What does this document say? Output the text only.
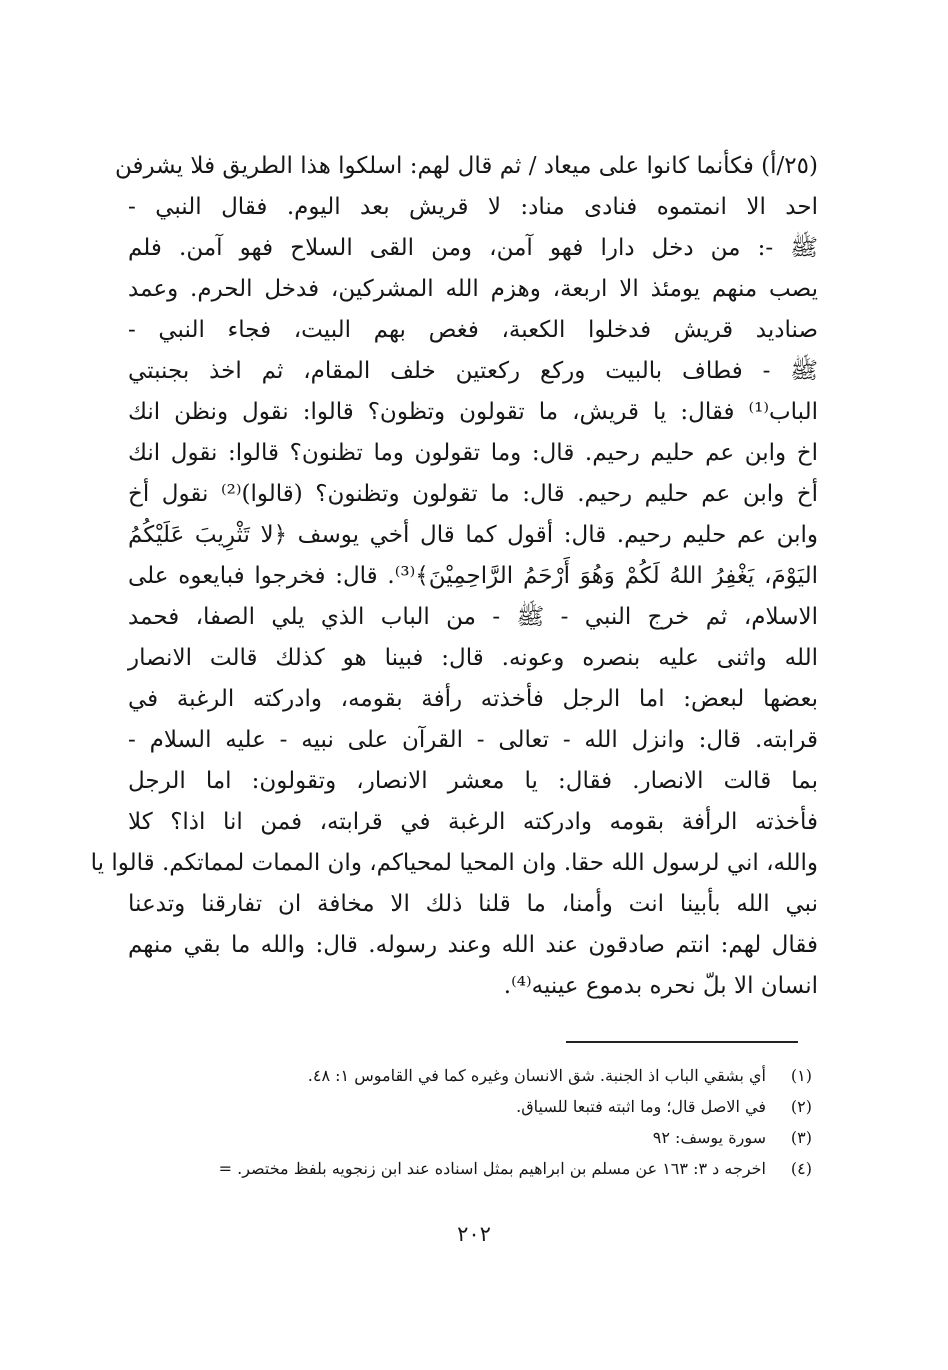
(٢٥/أ) فكأنما كانوا على ميعاد / ثم قال لهم: اسلكوا هذا الطريق فلا يشرفن
احد الا انمتموه فنادى مناد: لا قريش بعد اليوم. فقال النبي -
ﷺ -: من دخل دارا فهو آمن، ومن القى السلاح فهو آمن. فلم
يصب منهم يومئذ الا اربعة، وهزم الله المشركين، فدخل الحرم. وعمد
صناديد قريش فدخلوا الكعبة، فغص بهم البيت، فجاء النبي -
ﷺ - فطاف بالبيت وركع ركعتين خلف المقام، ثم اخذ بجنبتي
الباب⁽¹⁾ فقال: يا قريش، ما تقولون وتظون؟ قالوا: نقول ونظن انك
اخ وابن عم حليم رحيم. قال: وما تقولون وما تظنون؟ قالوا: نقول انك
أخ وابن عم حليم رحيم. قال: ما تقولون وتظنون؟ (قالوا)⁽²⁾ نقول أخ
وابن عم حليم رحيم. قال: أقول كما قال أخي يوسف ﴿لا تَثْرِيبَ عَلَيْكُمُ
اليَوْمَ، يَغْفِرُ اللهُ لَكُمْ وَهُوَ أَرْحَمُ الرَّاحِمِيْنَ﴾⁽³⁾. قال: فخرجوا فبايعوه على
الاسلام، ثم خرج النبي - ﷺ - من الباب الذي يلي الصفا، فحمد
الله واثنى عليه بنصره وعونه. قال: فبينا هو كذلك قالت الانصار
بعضها لبعض: اما الرجل فأخذته رأفة بقومه، وادركته الرغبة في
قرابته. قال: وانزل الله - تعالى - القرآن على نبيه - عليه السلام -
بما قالت الانصار. فقال: يا معشر الانصار، وتقولون: اما الرجل
فأخذته الرأفة بقومه وادركته الرغبة في قرابته، فمن انا اذا؟ كلا
والله، اني لرسول الله حقا. وان المحيا لمحياكم، وان الممات لمماتكم. قالوا يا
نبي الله بأبينا انت وأمنا، ما قلنا ذلك الا مخافة ان تفارقنا وتدعنا
فقال لهم: انتم صادقون عند الله وعند رسوله. قال: والله ما بقي منهم
انسان الا بلّ نحره بدموع عينيه⁽⁴⁾.
(١)
أي بشقي الباب اذ الجنبة. شق الانسان وغيره كما في القاموس ١: ٤٨.
(٢)
في الاصل قال؛ وما اثبته فتبعا للسياق.
(٣)
سورة يوسف: ٩٢
(٤)
اخرجه د ٣: ١٦٣ عن مسلم بن ابراهيم بمثل اسناده عند ابن زنجويه بلفظ مختصر. =
٢٠٢
